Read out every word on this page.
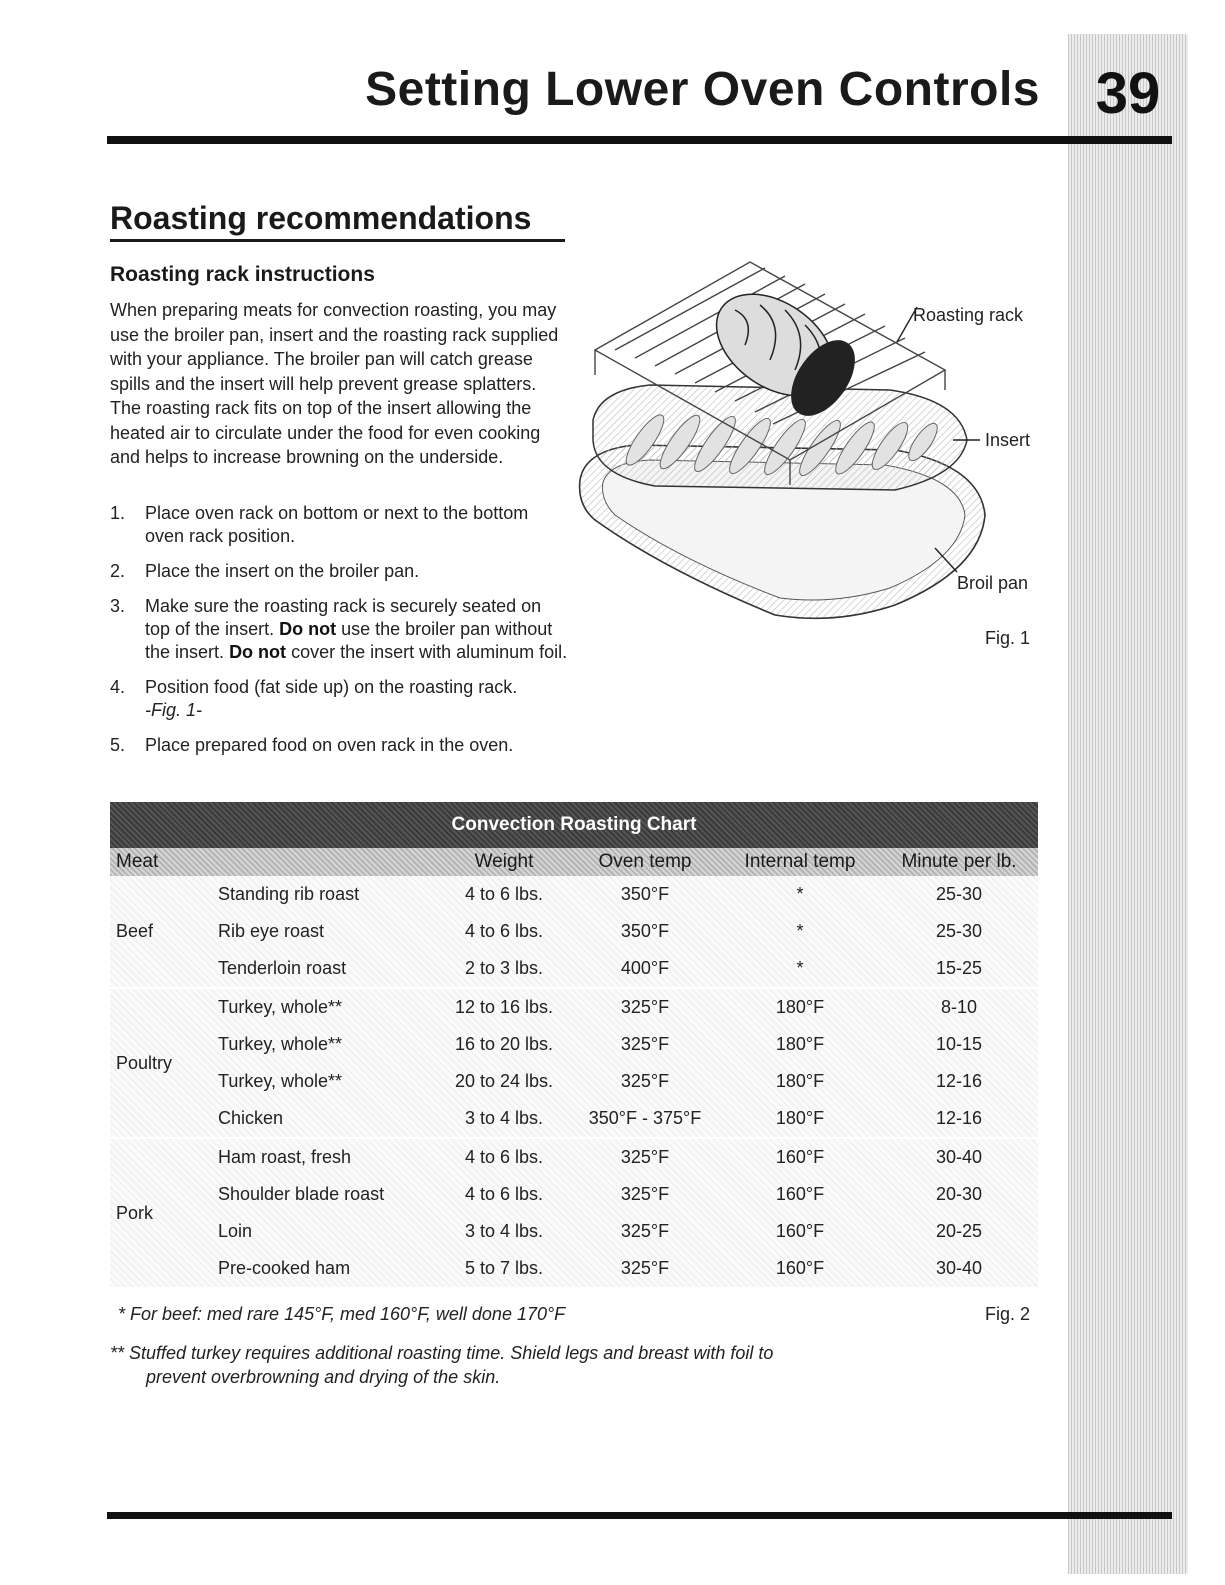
39
Setting Lower Oven Controls
Roasting recommendations
Roasting rack instructions

When preparing meats for convection roasting, you may use the broiler pan, insert and the roasting rack supplied with your appliance. The broiler pan will catch grease spills and the insert will help prevent grease splatters. The roasting rack fits on top of the insert allowing the heated air to circulate under the food for even cooking and helps to increase browning on the underside.

1.	Place oven rack on bottom or next to the bottom oven rack position.
2.	Place the insert on the broiler pan.
3.	Make sure the roasting rack is securely seated on top of the insert. Do not use the broiler pan without the insert. Do not cover the insert with aluminum foil.
4.	Position food (fat side up) on the roasting rack.
-Fig. 1-
5.	Place prepared food on oven rack in the oven.
Roasting rack
Insert
Broil pan
Fig. 1
Convection Roasting Chart
Meat	Weight	Oven temp	Internal temp	Minute per lb.
Beef
Standing rib roast	4 to 6 lbs.	350°F	*	25-30
Rib eye roast	4 to 6 lbs.	350°F	*	25-30
Tenderloin roast	2 to 3 lbs.	400°F	*	15-25
Poultry
Turkey, whole**	12 to 16 lbs.	325°F	180°F	8-10
Turkey, whole**	16 to 20 lbs.	325°F	180°F	10-15
Turkey, whole**	20 to 24 lbs.	325°F	180°F	12-16
Chicken	3 to 4 lbs.	350°F - 375°F	180°F	12-16
Pork
Ham roast, fresh	4 to 6 lbs.	325°F	160°F	30-40
Shoulder blade roast	4 to 6 lbs.	325°F	160°F	20-30
Loin	3 to 4 lbs.	325°F	160°F	20-25
Pre-cooked ham	5 to 7 lbs.	325°F	160°F	30-40
* For beef: med rare 145°F, med 160°F, well done 170°F	Fig. 2
** Stuffed turkey requires additional roasting time. Shield legs and breast with foil to
prevent overbrowning and drying of the skin.
